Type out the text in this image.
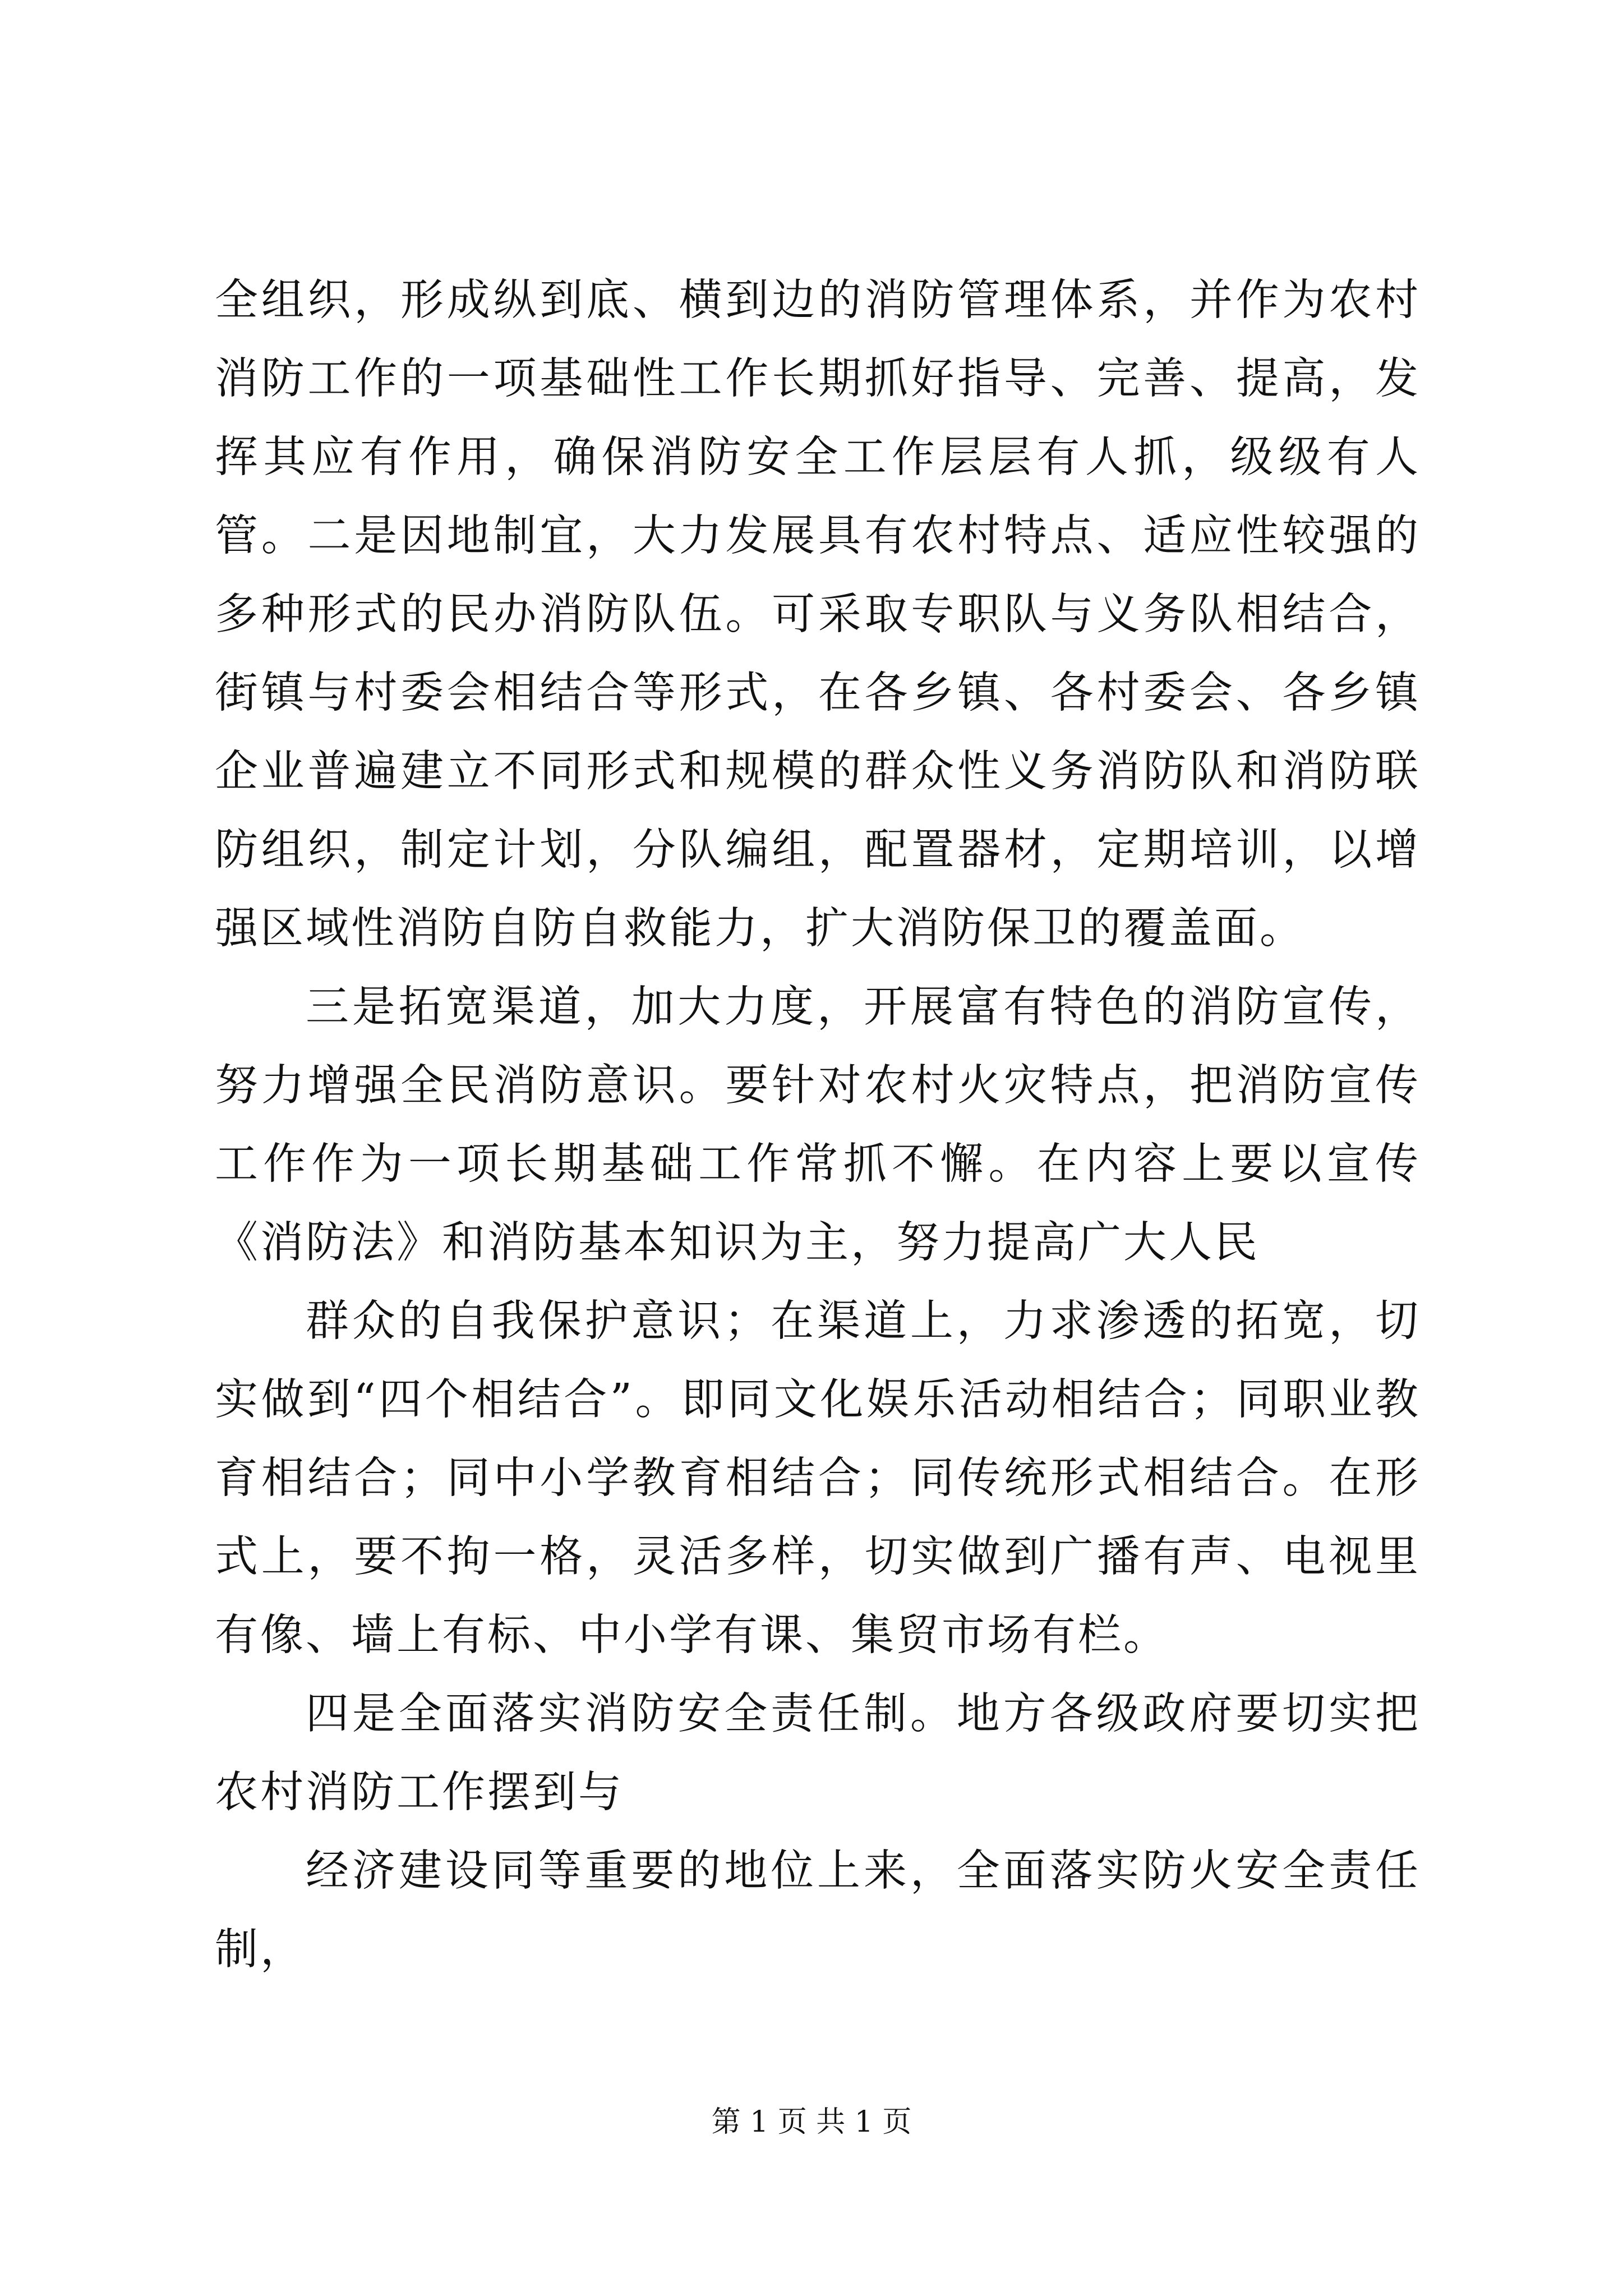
全组织，形成纵到底、横到边的消防管理体系，并作为农村消防工作的一项基础性工作长期抓好指导、完善、提高，发挥其应有作用，确保消防安全工作层层有人抓，级级有人管。二是因地制宜，大力发展具有农村特点、适应性较强的多种形式的民办消防队伍。可采取专职队与义务队相结合，街镇与村委会相结合等形式，在各乡镇、各村委会、各乡镇企业普遍建立不同形式和规模的群众性义务消防队和消防联防组织，制定计划，分队编组，配置器材，定期培训，以增强区域性消防自防自救能力，扩大消防保卫的覆盖面。

三是拓宽渠道，加大力度，开展富有特色的消防宣传，努力增强全民消防意识。要针对农村火灾特点，把消防宣传工作作为一项长期基础工作常抓不懈。在内容上要以宣传《消防法》和消防基本知识为主，努力提高广大人民

群众的自我保护意识；在渠道上，力求渗透的拓宽，切实做到“四个相结合”。即同文化娱乐活动相结合；同职业教育相结合；同中小学教育相结合；同传统形式相结合。在形式上，要不拘一格，灵活多样，切实做到广播有声、电视里有像、墙上有标、中小学有课、集贸市场有栏。

四是全面落实消防安全责任制。地方各级政府要切实把农村消防工作摆到与

经济建设同等重要的地位上来，全面落实防火安全责任制，

第 1 页 共 1 页
